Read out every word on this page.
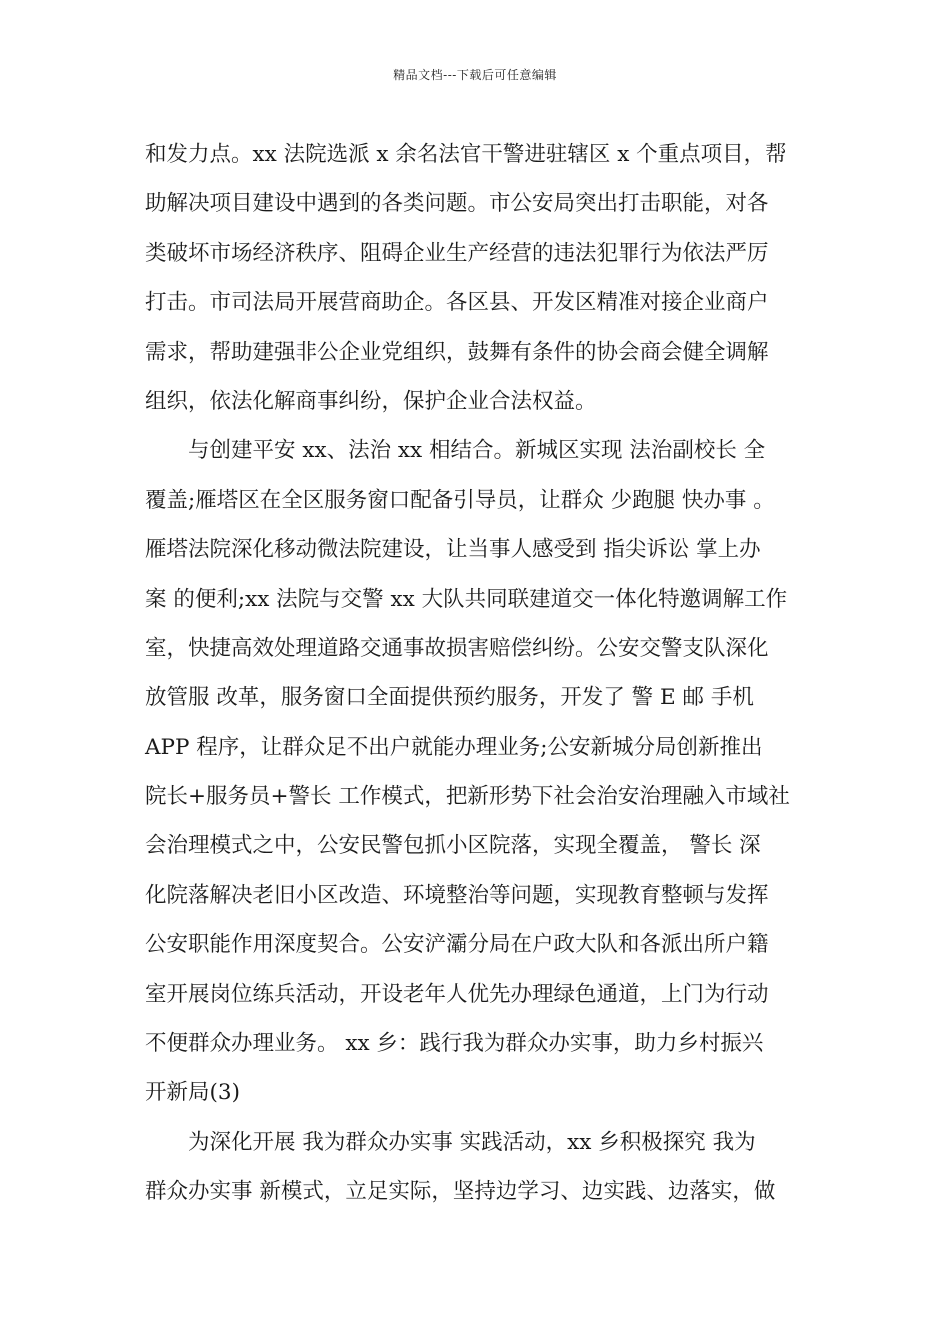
精品文档---下载后可任意编辑
和发力点。xx 法院选派 x 余名法官干警进驻辖区 x 个重点项目，帮
助解决项目建设中遇到的各类问题。市公安局突出打击职能，对各
类破坏市场经济秩序、阻碍企业生产经营的违法犯罪行为依法严厉
打击。市司法局开展营商助企。各区县、开发区精准对接企业商户
需求，帮助建强非公企业党组织，鼓舞有条件的协会商会健全调解
组织，依法化解商事纠纷，保护企业合法权益。
　　与创建平安 xx、法治 xx 相结合。新城区实现 法治副校长 全
覆盖;雁塔区在全区服务窗口配备引导员，让群众 少跑腿 快办事 。
雁塔法院深化移动微法院建设，让当事人感受到 指尖诉讼 掌上办
案 的便利;xx 法院与交警 xx 大队共同联建道交一体化特邀调解工作
室，快捷高效处理道路交通事故损害赔偿纠纷。公安交警支队深化
放管服 改革，服务窗口全面提供预约服务，开发了 警 E 邮 手机
APP 程序，让群众足不出户就能办理业务;公安新城分局创新推出
院长+服务员+警长 工作模式，把新形势下社会治安治理融入市域社
会治理模式之中，公安民警包抓小区院落，实现全覆盖， 警长 深
化院落解决老旧小区改造、环境整治等问题，实现教育整顿与发挥
公安职能作用深度契合。公安浐灞分局在户政大队和各派出所户籍
室开展岗位练兵活动，开设老年人优先办理绿色通道，上门为行动
不便群众办理业务。 xx 乡：践行我为群众办实事，助力乡村振兴
开新局(3)
　　为深化开展 我为群众办实事 实践活动，xx 乡积极探究 我为
群众办实事 新模式，立足实际，坚持边学习、边实践、边落实，做
